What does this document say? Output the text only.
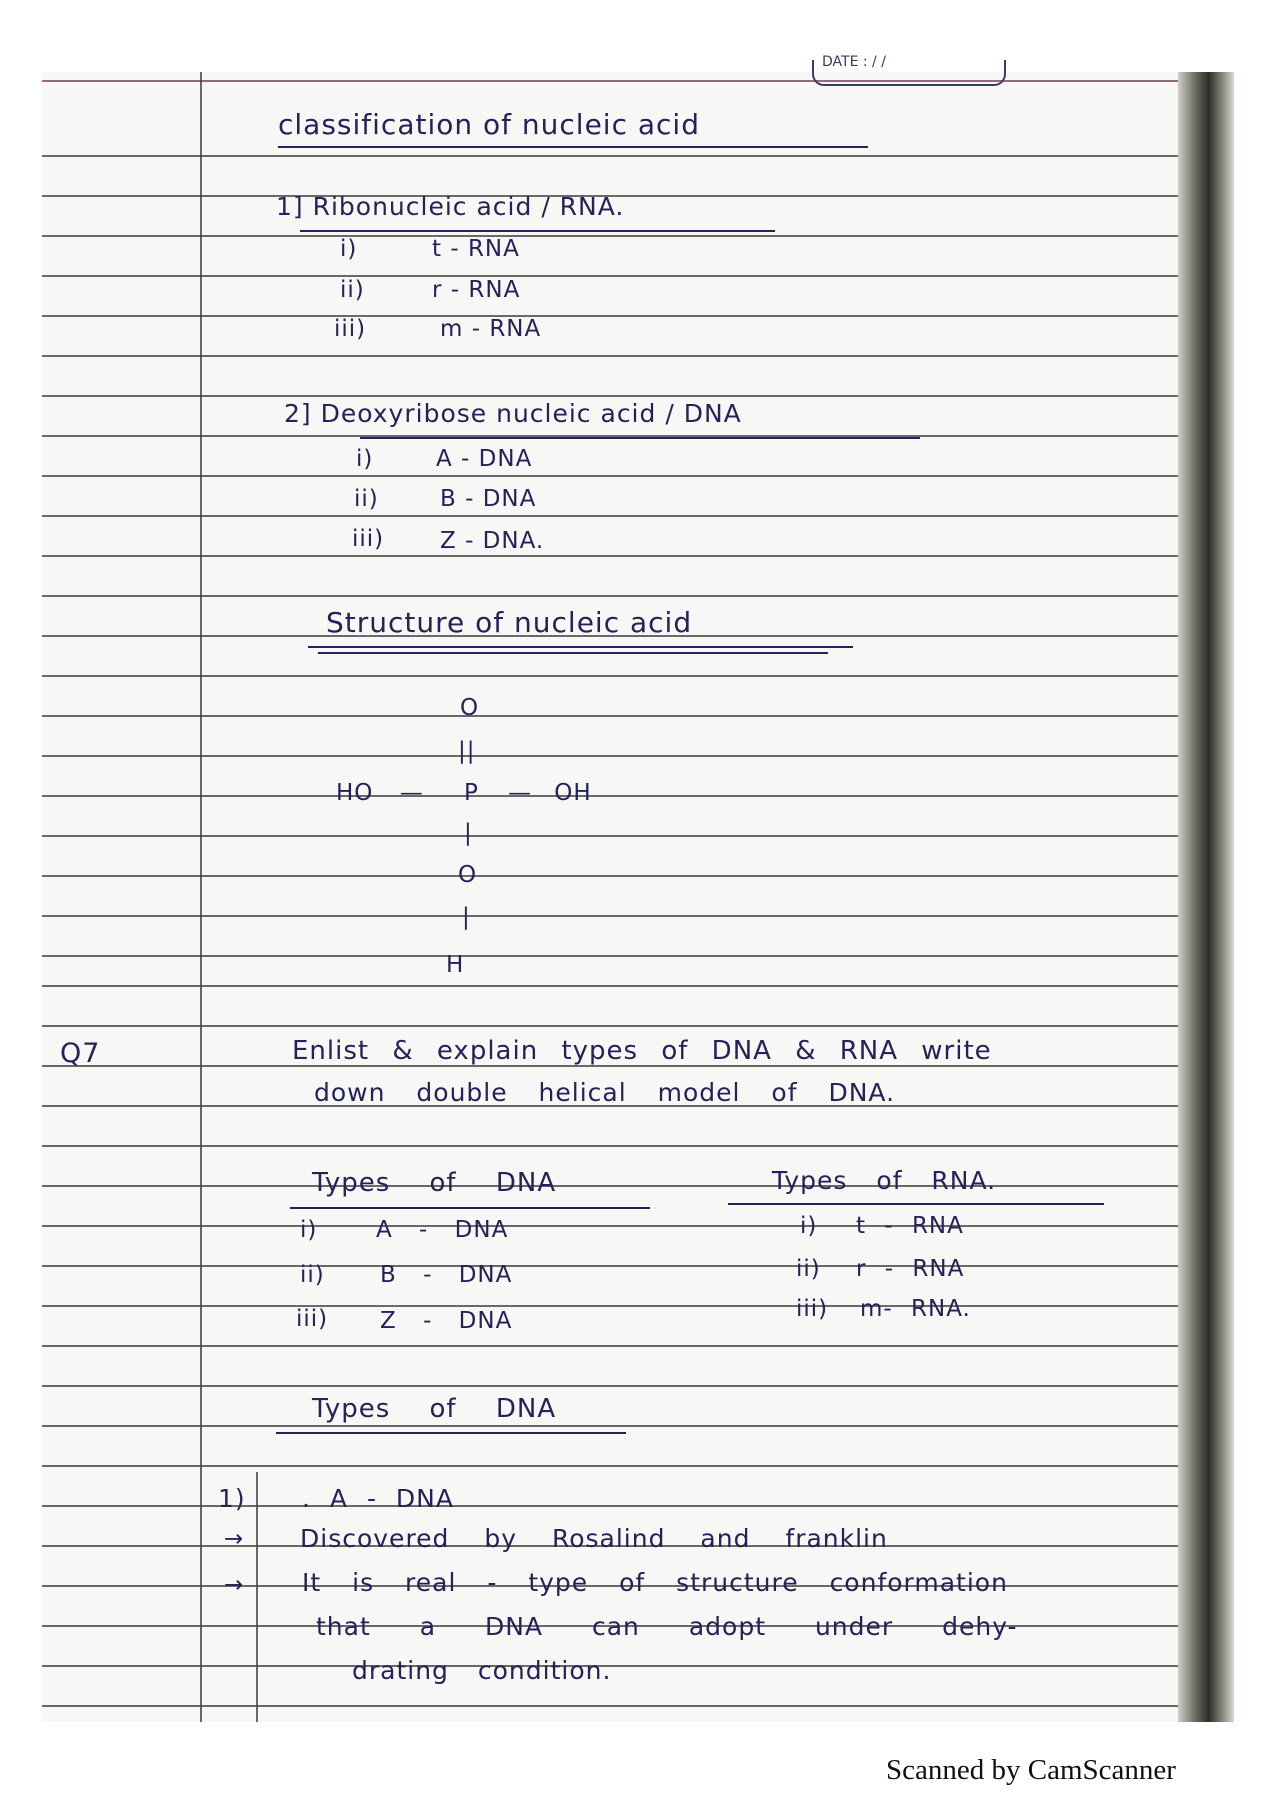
DATE : / /
classification of nucleic acid
1] Ribonucleic acid / RNA.
i)	t - RNA
ii)	r - RNA
iii)	m - RNA
2] Deoxyribose nucleic acid / DNA
i)	A - DNA
ii)	B - DNA
iii) Z - DNA.
Structure of nucleic acid
O
||
HO — P — OH
|
O
|
H
Q7	Enlist & explain types of DNA & RNA write
down double helical model of DNA.
Types of DNA
i)	A - DNA
ii) B - DNA
iii) Z - DNA
Types of RNA.
i) t - RNA
ii) r - RNA
iii) m- RNA.
Types of DNA
1) . A - DNA
→ Discovered by Rosalind and franklin
→ It is real - type of structure conformation
that a DNA can adopt under dehy-
drating condition.
Scanned by CamScanner
